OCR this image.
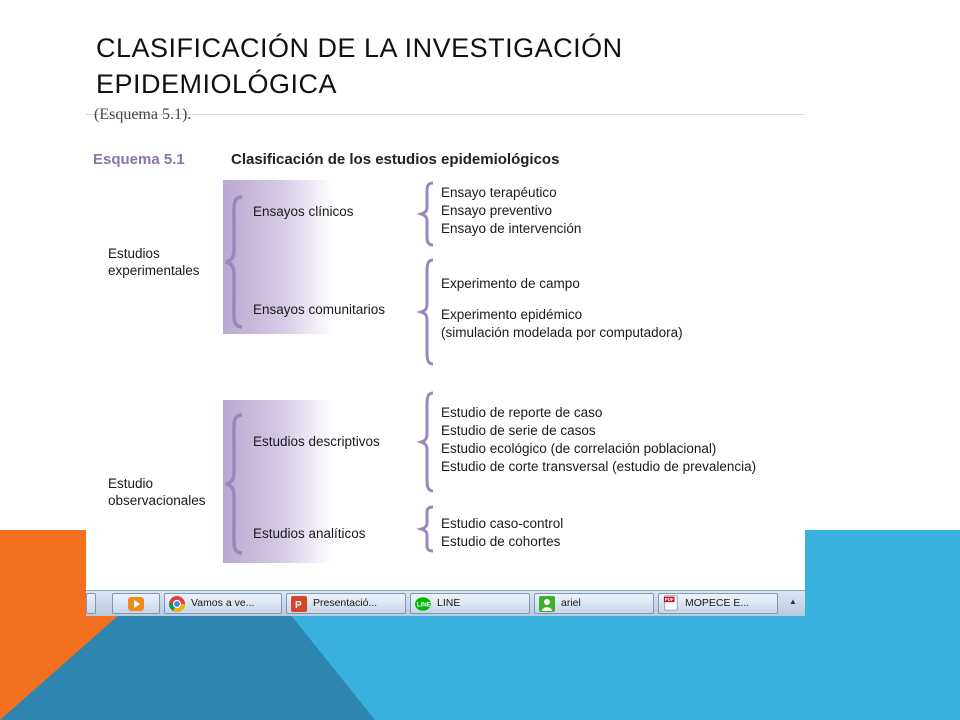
CLASIFICACIÓN DE LA INVESTIGACIÓN
EPIDEMIOLÓGICA
(Esquema 5.1).
Esquema 5.1	Clasificación de los estudios epidemiológicos
Estudios
experimentales
Ensayos clínicos
Ensayos comunitarios
Ensayo terapéutico
Ensayo preventivo
Ensayo de intervención
Experimento de campo
Experimento epidémico
(simulación modelada por computadora)
Estudio
observacionales
Estudios descriptivos
Estudios analíticos
Estudio de reporte de caso
Estudio de serie de casos
Estudio ecológico (de correlación poblacional)
Estudio de corte transversal (estudio de prevalencia)
Estudio caso-control
Estudio de cohortes
Vamos a ve...	P Presentació...	LINE LINE	ariel	PDF MOPECE E...	▲
